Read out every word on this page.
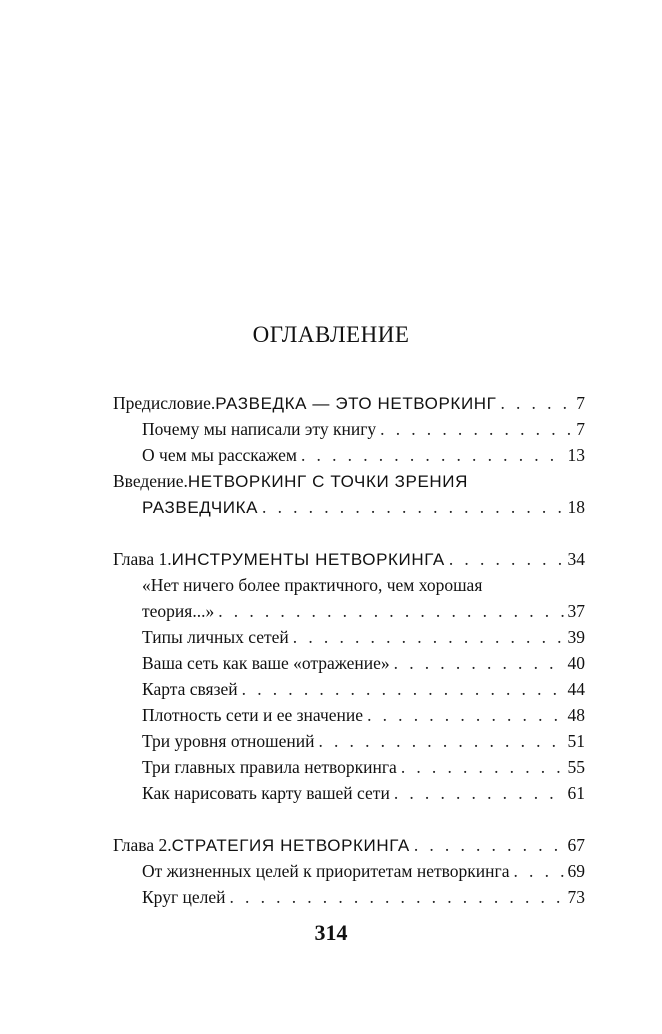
ОГЛАВЛЕНИЕ
Предисловие. РАЗВЕДКА — ЭТО НЕТВОРКИНГ . . .	7
Почему мы написали эту книгу . . .	7
О чем мы расскажем . . .	13
Введение. НЕТВОРКИНГ С ТОЧКИ ЗРЕНИЯ
РАЗВЕДЧИКА . . .	18
Глава 1. ИНСТРУМЕНТЫ НЕТВОРКИНГА . . .	34
«Нет ничего более практичного, чем хорошая
теория...» . . .	37
Типы личных сетей . . .	39
Ваша сеть как ваше «отражение» . . .	40
Карта связей . . .	44
Плотность сети и ее значение . . .	48
Три уровня отношений . . .	51
Три главных правила нетворкинга . . .	55
Как нарисовать карту вашей сети . . .	61
Глава 2. СТРАТЕГИЯ НЕТВОРКИНГА . . .	67
От жизненных целей к приоритетам нетворкинга . . .	69
Круг целей . . .	73
314
